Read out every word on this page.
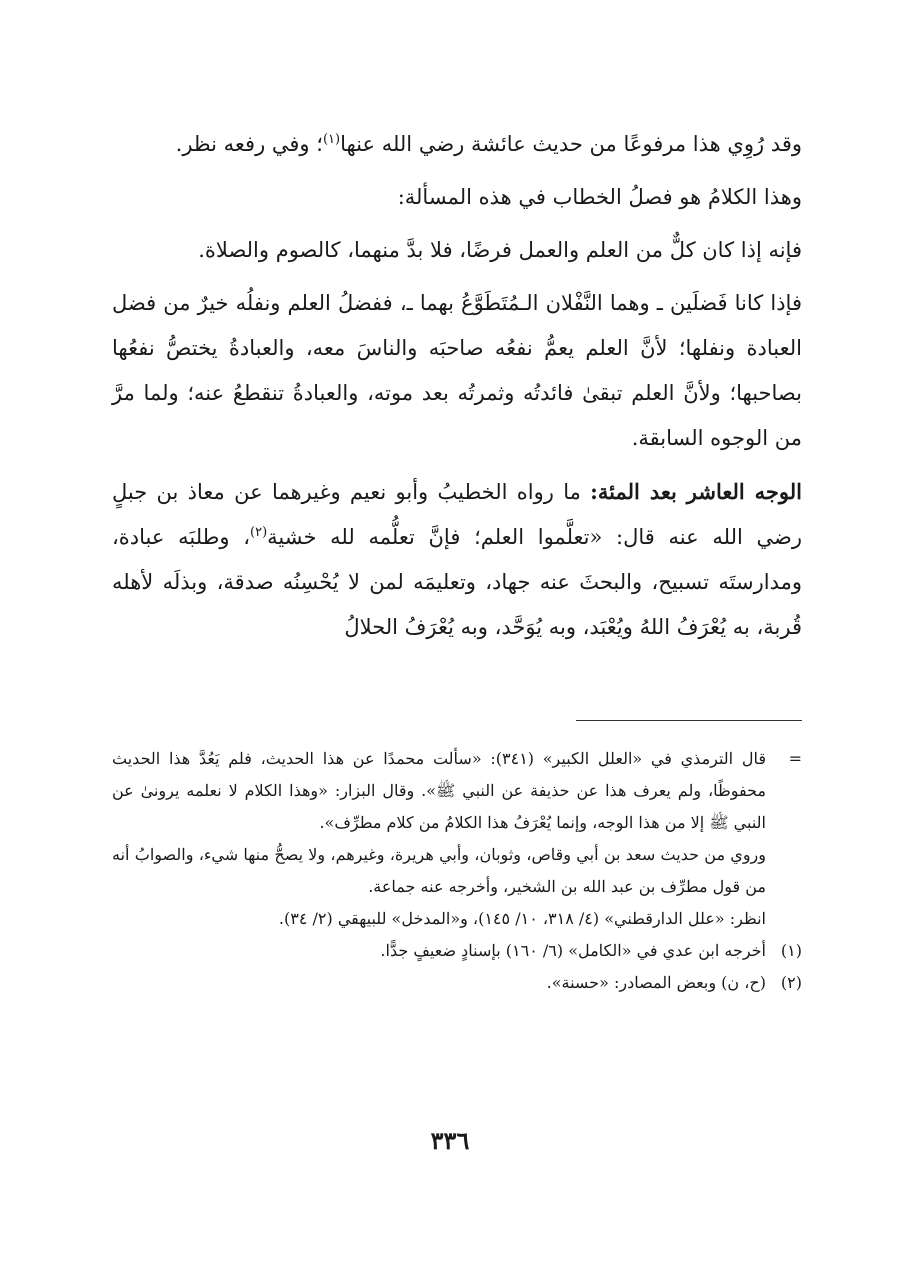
وقد رُوِي هذا مرفوعًا من حديث عائشة رضي الله عنها$^{(١)}$؛ وفي رفعه نظر.

وهذا الكلامُ هو فصلُ الخطاب في هذه المسألة:

فإنه إذا كان كلٌّ من العلم والعمل فرضًا، فلا بدَّ منهما، كالصوم والصلاة.

فإذا كانا فَضلَين ـ وهما النَّفْلان الـمُتَطَوَّعُ بهما ـ، ففضلُ العلم ونفلُه خيرٌ من فضل العبادة ونفلها؛ لأنَّ العلم يعمُّ نفعُه صاحبَه والناسَ معه، والعبادةُ يختصُّ نفعُها بصاحبها؛ ولأنَّ العلم تبقىٰ فائدتُه وثمرتُه بعد موته، والعبادةُ تنقطعُ عنه؛ ولما مرَّ من الوجوه السابقة.

الوجه العاشر بعد المئة: ما رواه الخطيبُ وأبو نعيم وغيرهما عن معاذ بن جبلٍ رضي الله عنه قال: «تعلَّموا العلم؛ فإنَّ تعلُّمه لله خشية$^{(٢)}$، وطلبَه عبادة، ومدارستَه تسبيح، والبحثَ عنه جهاد، وتعليمَه لمن لا يُحْسِنُه صدقة، وبذلَه لأهله قُربة، به يُعْرَفُ اللهُ ويُعْبَد، وبه يُوَحَّد، وبه يُعْرَفُ الحلالُ

=

قال الترمذي في «العلل الكبير» (٣٤١): «سألت محمدًا عن هذا الحديث، فلم يَعُدَّ هذا الحديث محفوظًا، ولم يعرف هذا عن حذيفة عن النبي ﷺ». وقال البزار: «وهذا الكلام لا نعلمه يرونىٰ عن النبي ﷺ إلا من هذا الوجه، وإنما يُعْرَفُ هذا الكلامُ من كلام مطرِّف».

وروي من حديث سعد بن أبي وقاص، وثوبان، وأبي هريرة، وغيرهم، ولا يصحُّ منها شيء، والصوابُ أنه من قول مطرِّف بن عبد الله بن الشخير، وأخرجه عنه جماعة.

انظر: «علل الدارقطني» (٤/ ٣١٨، ١٠/ ١٤٥)، و«المدخل» للبيهقي (٢/ ٣٤).

(١)أخرجه ابن عدي في «الكامل» (٦/ ١٦٠) بإسنادٍ ضعيفٍ جدًّا.

(٢)(ح، ن) وبعض المصادر: «حسنة».

٣٣٦
